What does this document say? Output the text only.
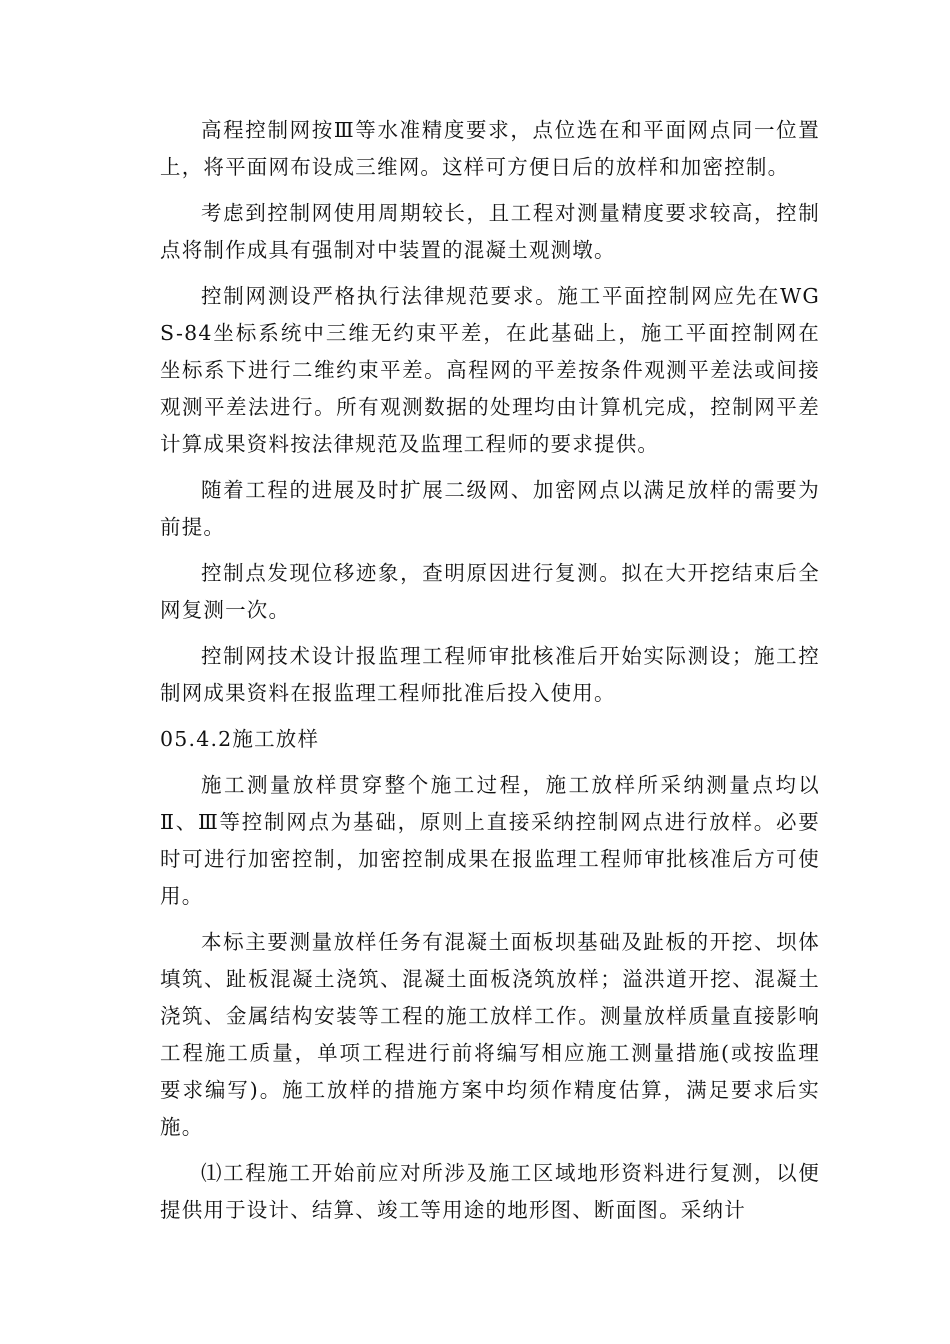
高程控制网按Ⅲ等水准精度要求，点位选在和平面网点同一位置上，将平面网布设成三维网。这样可方便日后的放样和加密控制。

考虑到控制网使用周期较长，且工程对测量精度要求较高，控制点将制作成具有强制对中装置的混凝土观测墩。

控制网测设严格执行法律规范要求。施工平面控制网应先在WGS-84坐标系统中三维无约束平差，在此基础上，施工平面控制网在坐标系下进行二维约束平差。高程网的平差按条件观测平差法或间接观测平差法进行。所有观测数据的处理均由计算机完成，控制网平差计算成果资料按法律规范及监理工程师的要求提供。

随着工程的进展及时扩展二级网、加密网点以满足放样的需要为前提。

控制点发现位移迹象，查明原因进行复测。拟在大开挖结束后全网复测一次。

控制网技术设计报监理工程师审批核准后开始实际测设；施工控制网成果资料在报监理工程师批准后投入使用。

05.4.2施工放样

施工测量放样贯穿整个施工过程，施工放样所采纳测量点均以Ⅱ、Ⅲ等控制网点为基础，原则上直接采纳控制网点进行放样。必要时可进行加密控制，加密控制成果在报监理工程师审批核准后方可使用。

本标主要测量放样任务有混凝土面板坝基础及趾板的开挖、坝体填筑、趾板混凝土浇筑、混凝土面板浇筑放样；溢洪道开挖、混凝土浇筑、金属结构安装等工程的施工放样工作。测量放样质量直接影响工程施工质量，单项工程进行前将编写相应施工测量措施(或按监理要求编写)。施工放样的措施方案中均须作精度估算，满足要求后实施。

⑴工程施工开始前应对所涉及施工区域地形资料进行复测，以便提供用于设计、结算、竣工等用途的地形图、断面图。采纳计
